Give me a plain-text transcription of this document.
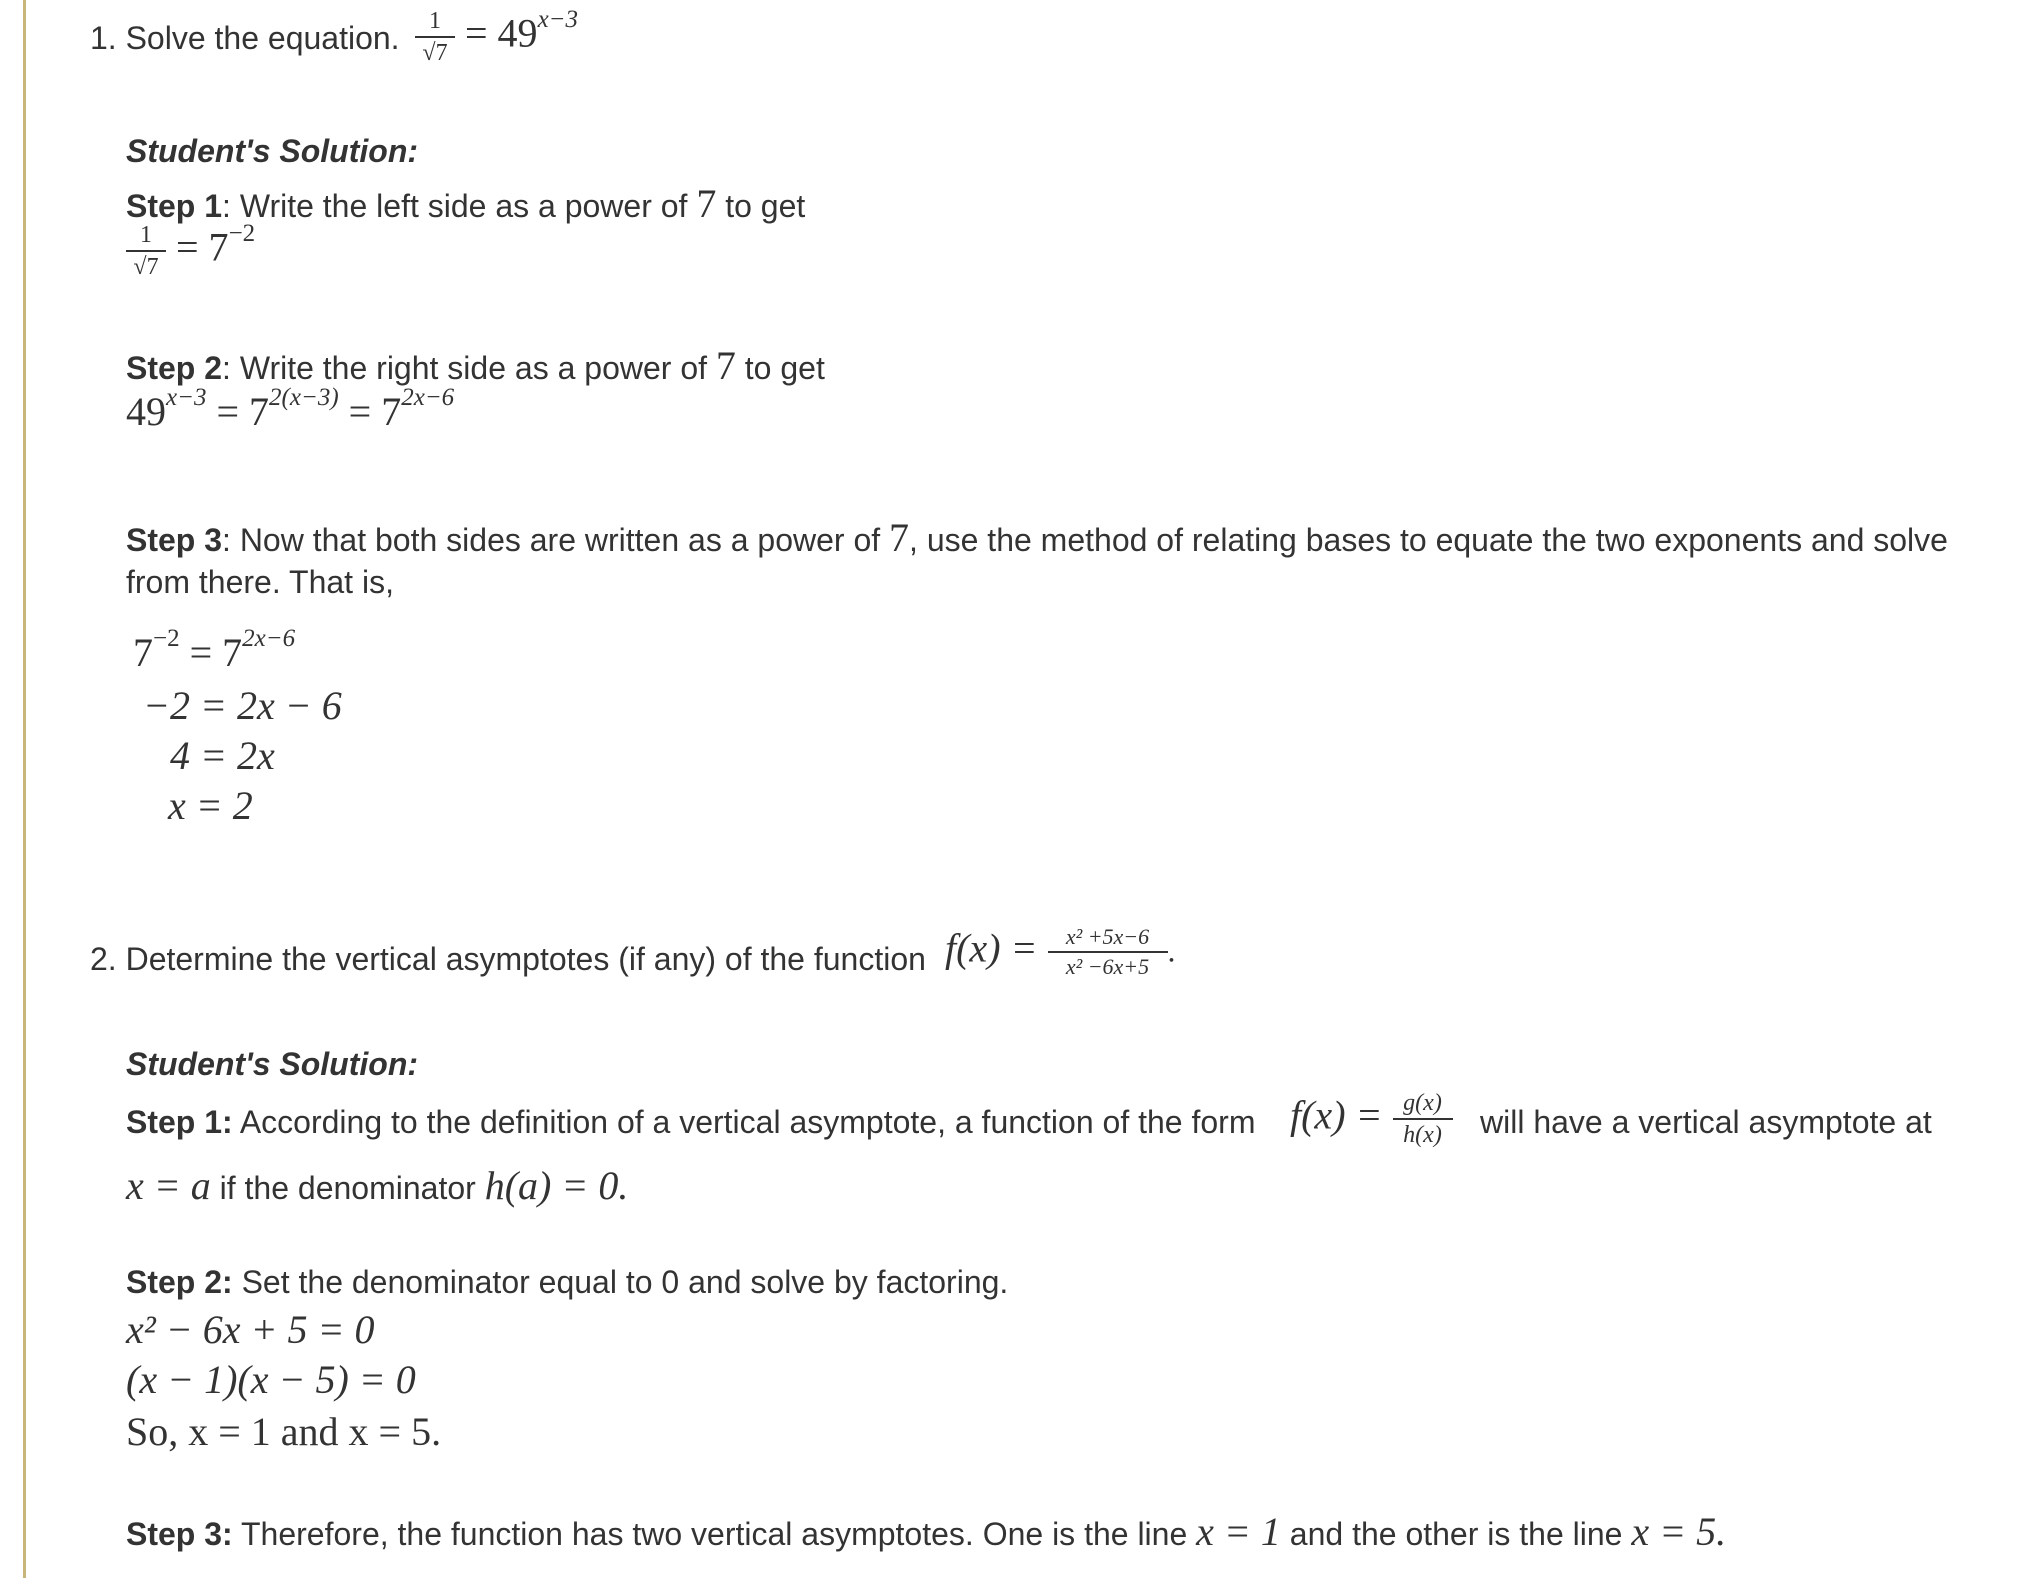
1. Solve the equation. $\frac{1}{√7} = 49^{x-3}$
Student's Solution:
Step 1: Write the left side as a power of 7 to get
$\frac{1}{√7} = 7^{-2}$
Step 2: Write the right side as a power of 7 to get
$49^{x-3} = 7^{2(x-3)} = 7^{2x-6}$
Step 3: Now that both sides are written as a power of 7, use the method of relating bases to equate the two exponents and solve
from there. That is,
$7^{-2} = 7^{2x-6}$
−2 = 2x − 6
4 = 2x
x = 2
2. Determine the vertical asymptotes (if any) of the function $f(x) = \frac{\text{x² +5x−6}}{\text{x² −6x+5}}$ .
Student's Solution:
Step 1: According to the definition of a vertical asymptote, a function of the form $f(x) = \frac{g(x)}{h(x)}$ will have a vertical asymptote at
x = a if the denominator h(a) = 0.
Step 2: Set the denominator equal to 0 and solve by factoring.
x² − 6x + 5 = 0
(x − 1)(x − 5) = 0
So, x = 1 and x = 5.
Step 3: Therefore, the function has two vertical asymptotes. One is the line x = 1 and the other is the line x = 5.
